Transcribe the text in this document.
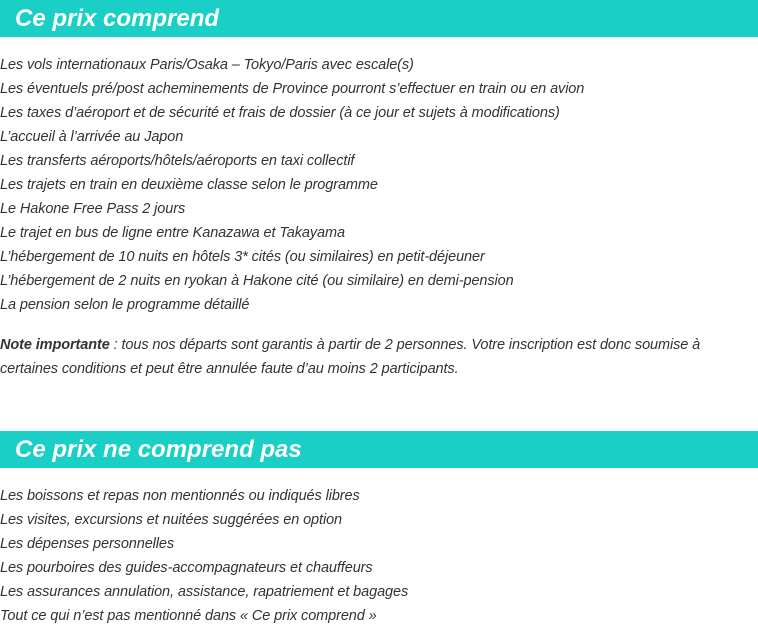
Ce prix comprend
Les vols internationaux Paris/Osaka – Tokyo/Paris avec escale(s)
Les éventuels pré/post acheminements de Province pourront s’effectuer en train ou en avion
Les taxes d’aéroport et de sécurité et frais de dossier (à ce jour et sujets à modifications)
L’accueil à l’arrivée au Japon
Les transferts aéroports/hôtels/aéroports en taxi collectif
Les trajets en train en deuxième classe selon le programme
Le Hakone Free Pass 2 jours
Le trajet en bus de ligne entre Kanazawa et Takayama
L’hébergement de 10 nuits en hôtels 3* cités (ou similaires) en petit-déjeuner
L’hébergement de 2 nuits en ryokan à Hakone cité (ou similaire) en demi-pension
La pension selon le programme détaillé
Note importante : tous nos départs sont garantis à partir de 2 personnes. Votre inscription est donc soumise à certaines conditions et peut être annulée faute d’au moins 2 participants.
Ce prix ne comprend pas
Les boissons et repas non mentionnés ou indiqués libres
Les visites, excursions et nuitées suggérées en option
Les dépenses personnelles
Les pourboires des guides-accompagnateurs et chauffeurs
Les assurances annulation, assistance, rapatriement et bagages
Tout ce qui n’est pas mentionné dans « Ce prix comprend »
